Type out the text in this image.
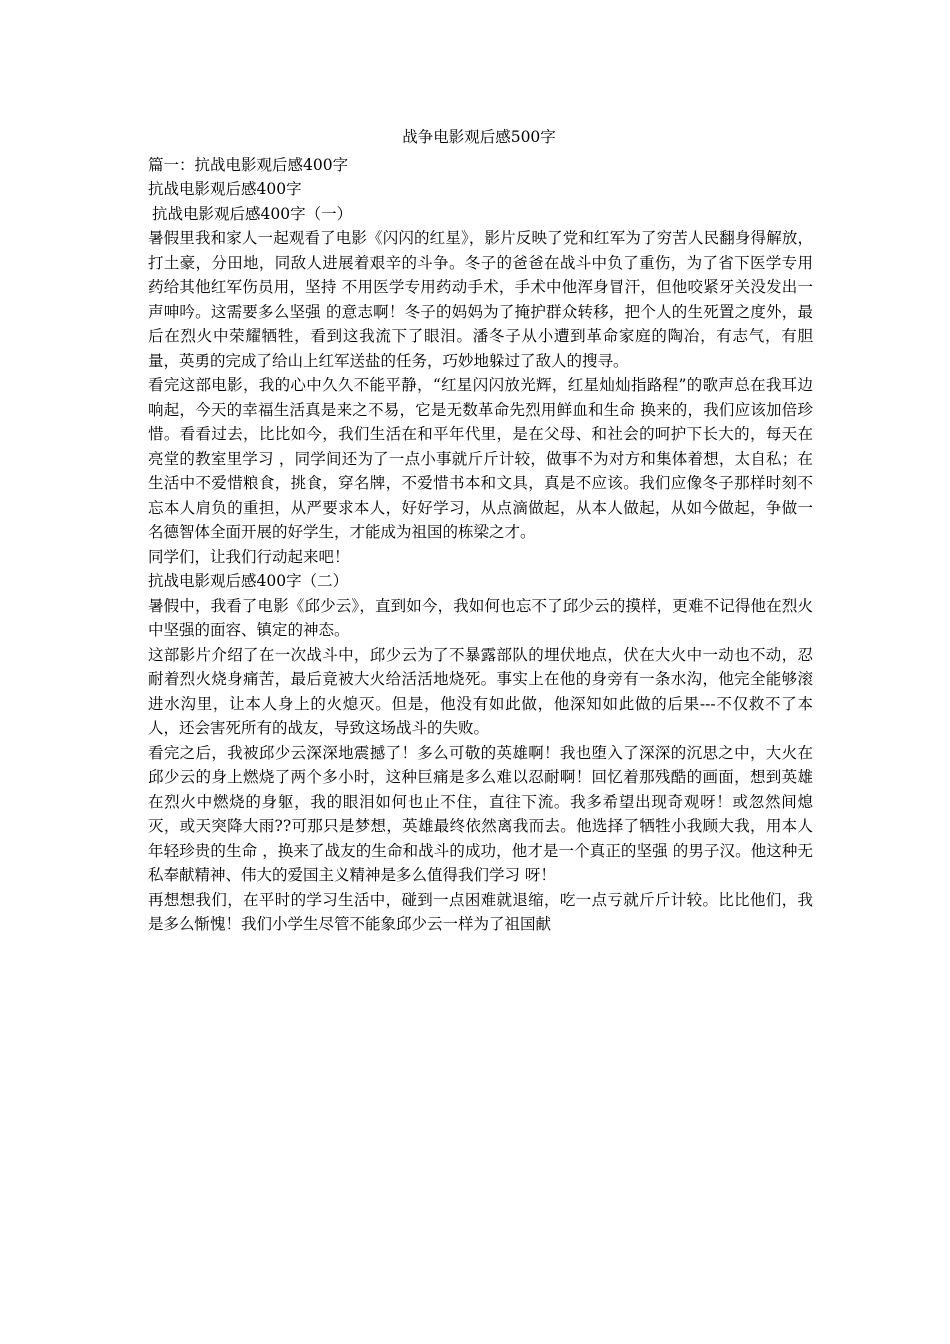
战争电影观后感500字

篇一：抗战电影观后感400字

抗战电影观后感400字

抗战电影观后感400字（一）

暑假里我和家人一起观看了电影《闪闪的红星》，影片反映了党和红军为了穷苦人民翻身得解放，打土豪，分田地，同敌人进展着艰辛的斗争。冬子的爸爸在战斗中负了重伤，为了省下医学专用药给其他红军伤员用，坚持 不用医学专用药动手术，手术中他浑身冒汗，但他咬紧牙关没发出一声呻吟。这需要多么坚强 的意志啊！冬子的妈妈为了掩护群众转移，把个人的生死置之度外，最后在烈火中荣耀牺牲，看到这我流下了眼泪。潘冬子从小遭到革命家庭的陶冶，有志气，有胆量，英勇的完成了给山上红军送盐的任务，巧妙地躲过了敌人的搜寻。

看完这部电影，我的心中久久不能平静，“红星闪闪放光辉，红星灿灿指路程”的歌声总在我耳边响起，今天的幸福生活真是来之不易，它是无数革命先烈用鲜血和生命 换来的，我们应该加倍珍惜。看看过去，比比如今，我们生活在和平年代里，是在父母、和社会的呵护下长大的，每天在亮堂的教室里学习 ，同学间还为了一点小事就斤斤计较，做事不为对方和集体着想，太自私；在生活中不爱惜粮食，挑食，穿名牌，不爱惜书本和文具，真是不应该。我们应像冬子那样时刻不忘本人肩负的重担，从严要求本人，好好学习，从点滴做起，从本人做起，从如今做起，争做一名德智体全面开展的好学生，才能成为祖国的栋梁之才。

同学们，让我们行动起来吧！

抗战电影观后感400字（二）

暑假中，我看了电影《邱少云》，直到如今，我如何也忘不了邱少云的摸样，更难不记得他在烈火中坚强的面容、镇定的神态。

这部影片介绍了在一次战斗中，邱少云为了不暴露部队的埋伏地点，伏在大火中一动也不动，忍耐着烈火烧身痛苦，最后竟被大火给活活地烧死。事实上在他的身旁有一条水沟，他完全能够滚进水沟里，让本人身上的火熄灭。但是，他没有如此做，他深知如此做的后果---不仅救不了本人，还会害死所有的战友，导致这场战斗的失败。

看完之后，我被邱少云深深地震撼了！多么可敬的英雄啊！我也堕入了深深的沉思之中，大火在邱少云的身上燃烧了两个多小时，这种巨痛是多么难以忍耐啊！回忆着那残酷的画面，想到英雄在烈火中燃烧的身躯，我的眼泪如何也止不住，直往下流。我多希望出现奇观呀！或忽然间熄灭，或天突降大雨??可那只是梦想，英雄最终依然离我而去。他选择了牺牲小我顾大我，用本人年轻珍贵的生命 ，换来了战友的生命和战斗的成功，他才是一个真正的坚强 的男子汉。他这种无私奉献精神、伟大的爱国主义精神是多么值得我们学习 呀！

再想想我们，在平时的学习生活中，碰到一点困难就退缩，吃一点亏就斤斤计较。比比他们，我是多么惭愧！我们小学生尽管不能象邱少云一样为了祖国献
